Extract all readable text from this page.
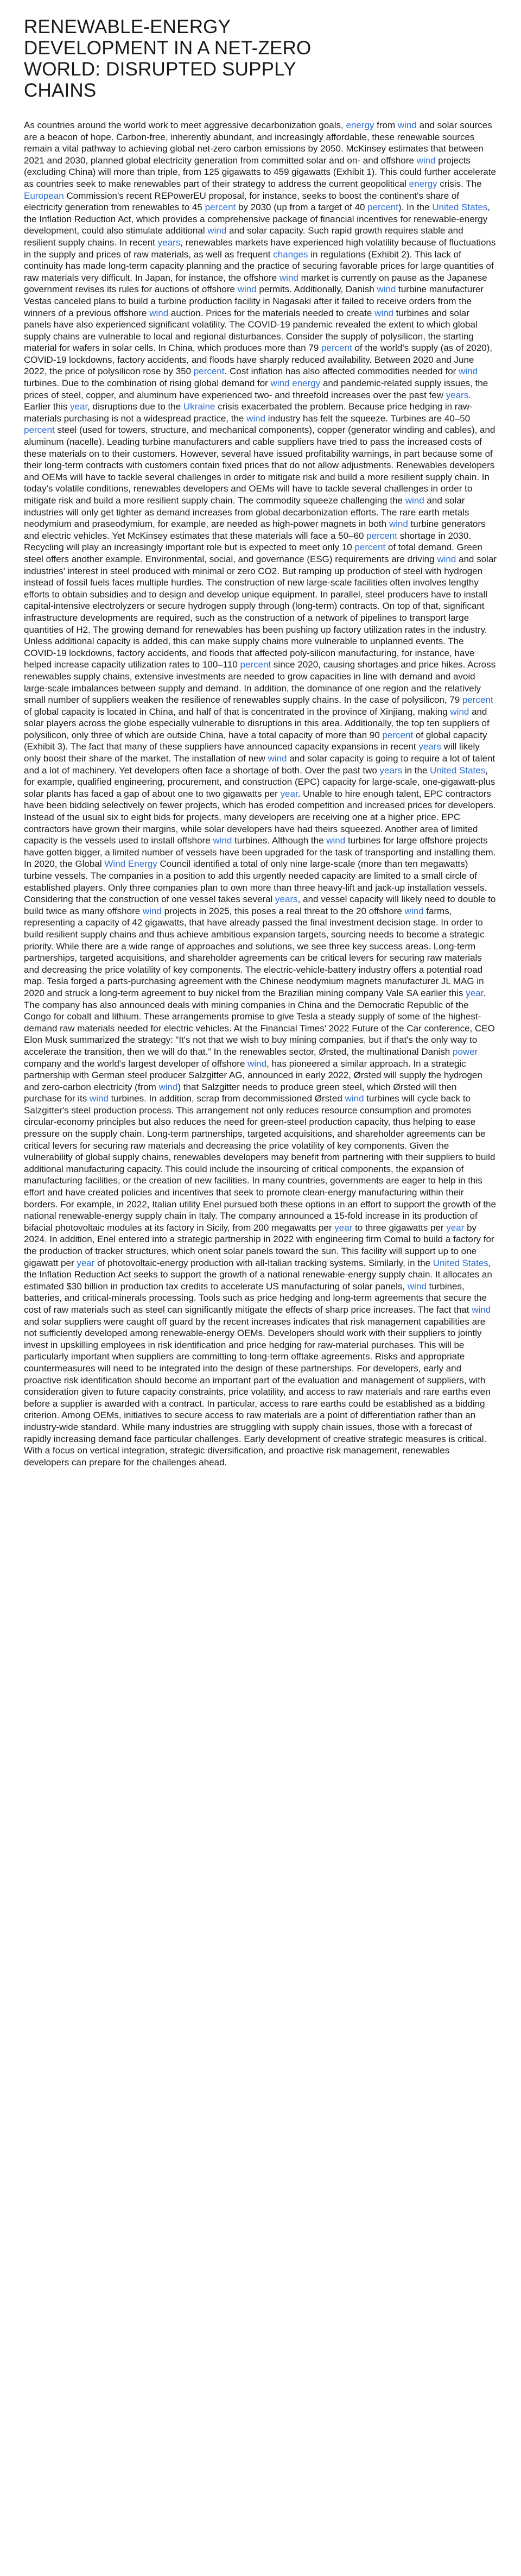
RENEWABLE-ENERGY DEVELOPMENT IN A NET-ZERO WORLD: DISRUPTED SUPPLY CHAINS

As countries around the world work to meet aggressive decarbonization goals, energy from wind and solar sources are a beacon of hope. Carbon-free, inherently abundant, and increasingly affordable, these renewable sources remain a vital pathway to achieving global net-zero carbon emissions by 2050. McKinsey estimates that between 2021 and 2030, planned global electricity generation from committed solar and on- and offshore wind projects (excluding China) will more than triple, from 125 gigawatts to 459 gigawatts (Exhibit 1). This could further accelerate as countries seek to make renewables part of their strategy to address the current geopolitical energy crisis. The European Commission's recent REPowerEU proposal, for instance, seeks to boost the continent's share of electricity generation from renewables to 45 percent by 2030 (up from a target of 40 percent). In the United States, the Inflation Reduction Act, which provides a comprehensive package of financial incentives for renewable-energy development, could also stimulate additional wind and solar capacity. Such rapid growth requires stable and resilient supply chains. In recent years, renewables markets have experienced high volatility because of fluctuations in the supply and prices of raw materials, as well as frequent changes in regulations (Exhibit 2). This lack of continuity has made long-term capacity planning and the practice of securing favorable prices for large quantities of raw materials very difficult. In Japan, for instance, the offshore wind market is currently on pause as the Japanese government revises its rules for auctions of offshore wind permits. Additionally, Danish wind turbine manufacturer Vestas canceled plans to build a turbine production facility in Nagasaki after it failed to receive orders from the winners of a previous offshore wind auction. Prices for the materials needed to create wind turbines and solar panels have also experienced significant volatility. The COVID-19 pandemic revealed the extent to which global supply chains are vulnerable to local and regional disturbances. Consider the supply of polysilicon, the starting material for wafers in solar cells. In China, which produces more than 79 percent of the world's supply (as of 2020), COVID-19 lockdowns, factory accidents, and floods have sharply reduced availability. Between 2020 and June 2022, the price of polysilicon rose by 350 percent. Cost inflation has also affected commodities needed for wind turbines. Due to the combination of rising global demand for wind energy and pandemic-related supply issues, the prices of steel, copper, and aluminum have experienced two- and threefold increases over the past few years. Earlier this year, disruptions due to the Ukraine crisis exacerbated the problem. Because price hedging in raw-materials purchasing is not a widespread practice, the wind industry has felt the squeeze. Turbines are 40–50 percent steel (used for towers, structure, and mechanical components), copper (generator winding and cables), and aluminum (nacelle). Leading turbine manufacturers and cable suppliers have tried to pass the increased costs of these materials on to their customers. However, several have issued profitability warnings, in part because some of their long-term contracts with customers contain fixed prices that do not allow adjustments. Renewables developers and OEMs will have to tackle several challenges in order to mitigate risk and build a more resilient supply chain. In today's volatile conditions, renewables developers and OEMs will have to tackle several challenges in order to mitigate risk and build a more resilient supply chain. The commodity squeeze challenging the wind and solar industries will only get tighter as demand increases from global decarbonization efforts. The rare earth metals neodymium and praseodymium, for example, are needed as high-power magnets in both wind turbine generators and electric vehicles. Yet McKinsey estimates that these materials will face a 50–60 percent shortage in 2030. Recycling will play an increasingly important role but is expected to meet only 10 percent of total demand. Green steel offers another example. Environmental, social, and governance (ESG) requirements are driving wind and solar industries' interest in steel produced with minimal or zero CO2. But ramping up production of steel with hydrogen instead of fossil fuels faces multiple hurdles. The construction of new large-scale facilities often involves lengthy efforts to obtain subsidies and to design and develop unique equipment. In parallel, steel producers have to install capital-intensive electrolyzers or secure hydrogen supply through (long-term) contracts. On top of that, significant infrastructure developments are required, such as the construction of a network of pipelines to transport large quantities of H2. The growing demand for renewables has been pushing up factory utilization rates in the industry. Unless additional capacity is added, this can make supply chains more vulnerable to unplanned events. The COVID-19 lockdowns, factory accidents, and floods that affected poly-silicon manufacturing, for instance, have helped increase capacity utilization rates to 100–110 percent since 2020, causing shortages and price hikes. Across renewables supply chains, extensive investments are needed to grow capacities in line with demand and avoid large-scale imbalances between supply and demand. In addition, the dominance of one region and the relatively small number of suppliers weaken the resilience of renewables supply chains. In the case of polysilicon, 79 percent of global capacity is located in China, and half of that is concentrated in the province of Xinjiang, making wind and solar players across the globe especially vulnerable to disruptions in this area. Additionally, the top ten suppliers of polysilicon, only three of which are outside China, have a total capacity of more than 90 percent of global capacity (Exhibit 3). The fact that many of these suppliers have announced capacity expansions in recent years will likely only boost their share of the market. The installation of new wind and solar capacity is going to require a lot of talent and a lot of machinery. Yet developers often face a shortage of both. Over the past two years in the United States, for example, qualified engineering, procurement, and construction (EPC) capacity for large-scale, one-gigawatt-plus solar plants has faced a gap of about one to two gigawatts per year. Unable to hire enough talent, EPC contractors have been bidding selectively on fewer projects, which has eroded competition and increased prices for developers. Instead of the usual six to eight bids for projects, many developers are receiving one at a higher price. EPC contractors have grown their margins, while solar developers have had theirs squeezed. Another area of limited capacity is the vessels used to install offshore wind turbines. Although the wind turbines for large offshore projects have gotten bigger, a limited number of vessels have been upgraded for the task of transporting and installing them. In 2020, the Global Wind Energy Council identified a total of only nine large-scale (more than ten megawatts) turbine vessels. The companies in a position to add this urgently needed capacity are limited to a small circle of established players. Only three companies plan to own more than three heavy-lift and jack-up installation vessels. Considering that the construction of one vessel takes several years, and vessel capacity will likely need to double to build twice as many offshore wind projects in 2025, this poses a real threat to the 20 offshore wind farms, representing a capacity of 42 gigawatts, that have already passed the final investment decision stage. In order to build resilient supply chains and thus achieve ambitious expansion targets, sourcing needs to become a strategic priority. While there are a wide range of approaches and solutions, we see three key success areas. Long-term partnerships, targeted acquisitions, and shareholder agreements can be critical levers for securing raw materials and decreasing the price volatility of key components. The electric-vehicle-battery industry offers a potential road map. Tesla forged a parts-purchasing agreement with the Chinese neodymium magnets manufacturer JL MAG in 2020 and struck a long-term agreement to buy nickel from the Brazilian mining company Vale SA earlier this year. The company has also announced deals with mining companies in China and the Democratic Republic of the Congo for cobalt and lithium. These arrangements promise to give Tesla a steady supply of some of the highest-demand raw materials needed for electric vehicles. At the Financial Times' 2022 Future of the Car conference, CEO Elon Musk summarized the strategy: “It's not that we wish to buy mining companies, but if that's the only way to accelerate the transition, then we will do that.” In the renewables sector, Ørsted, the multinational Danish power company and the world's largest developer of offshore wind, has pioneered a similar approach. In a strategic partnership with German steel producer Salzgitter AG, announced in early 2022, Ørsted will supply the hydrogen and zero-carbon electricity (from wind) that Salzgitter needs to produce green steel, which Ørsted will then purchase for its wind turbines. In addition, scrap from decommissioned Ørsted wind turbines will cycle back to Salzgitter's steel production process. This arrangement not only reduces resource consumption and promotes circular-economy principles but also reduces the need for green-steel production capacity, thus helping to ease pressure on the supply chain. Long-term partnerships, targeted acquisitions, and shareholder agreements can be critical levers for securing raw materials and decreasing the price volatility of key components. Given the vulnerability of global supply chains, renewables developers may benefit from partnering with their suppliers to build additional manufacturing capacity. This could include the insourcing of critical components, the expansion of manufacturing facilities, or the creation of new facilities. In many countries, governments are eager to help in this effort and have created policies and incentives that seek to promote clean-energy manufacturing within their borders. For example, in 2022, Italian utility Enel pursued both these options in an effort to support the growth of the national renewable-energy supply chain in Italy. The company announced a 15-fold increase in its production of bifacial photovoltaic modules at its factory in Sicily, from 200 megawatts per year to three gigawatts per year by 2024. In addition, Enel entered into a strategic partnership in 2022 with engineering firm Comal to build a factory for the production of tracker structures, which orient solar panels toward the sun. This facility will support up to one gigawatt per year of photovoltaic-energy production with all-Italian tracking systems. Similarly, in the United States, the Inflation Reduction Act seeks to support the growth of a national renewable-energy supply chain. It allocates an estimated $30 billion in production tax credits to accelerate US manufacturing of solar panels, wind turbines, batteries, and critical-minerals processing. Tools such as price hedging and long-term agreements that secure the cost of raw materials such as steel can significantly mitigate the effects of sharp price increases. The fact that wind and solar suppliers were caught off guard by the recent increases indicates that risk management capabilities are not sufficiently developed among renewable-energy OEMs. Developers should work with their suppliers to jointly invest in upskilling employees in risk identification and price hedging for raw-material purchases. This will be particularly important when suppliers are committing to long-term offtake agreements. Risks and appropriate countermeasures will need to be integrated into the design of these partnerships. For developers, early and proactive risk identification should become an important part of the evaluation and management of suppliers, with consideration given to future capacity constraints, price volatility, and access to raw materials and rare earths even before a supplier is awarded with a contract. In particular, access to rare earths could be established as a bidding criterion. Among OEMs, initiatives to secure access to raw materials are a point of differentiation rather than an industry-wide standard. While many industries are struggling with supply chain issues, those with a forecast of rapidly increasing demand face particular challenges. Early development of creative strategic measures is critical. With a focus on vertical integration, strategic diversification, and proactive risk management, renewables developers can prepare for the challenges ahead.
